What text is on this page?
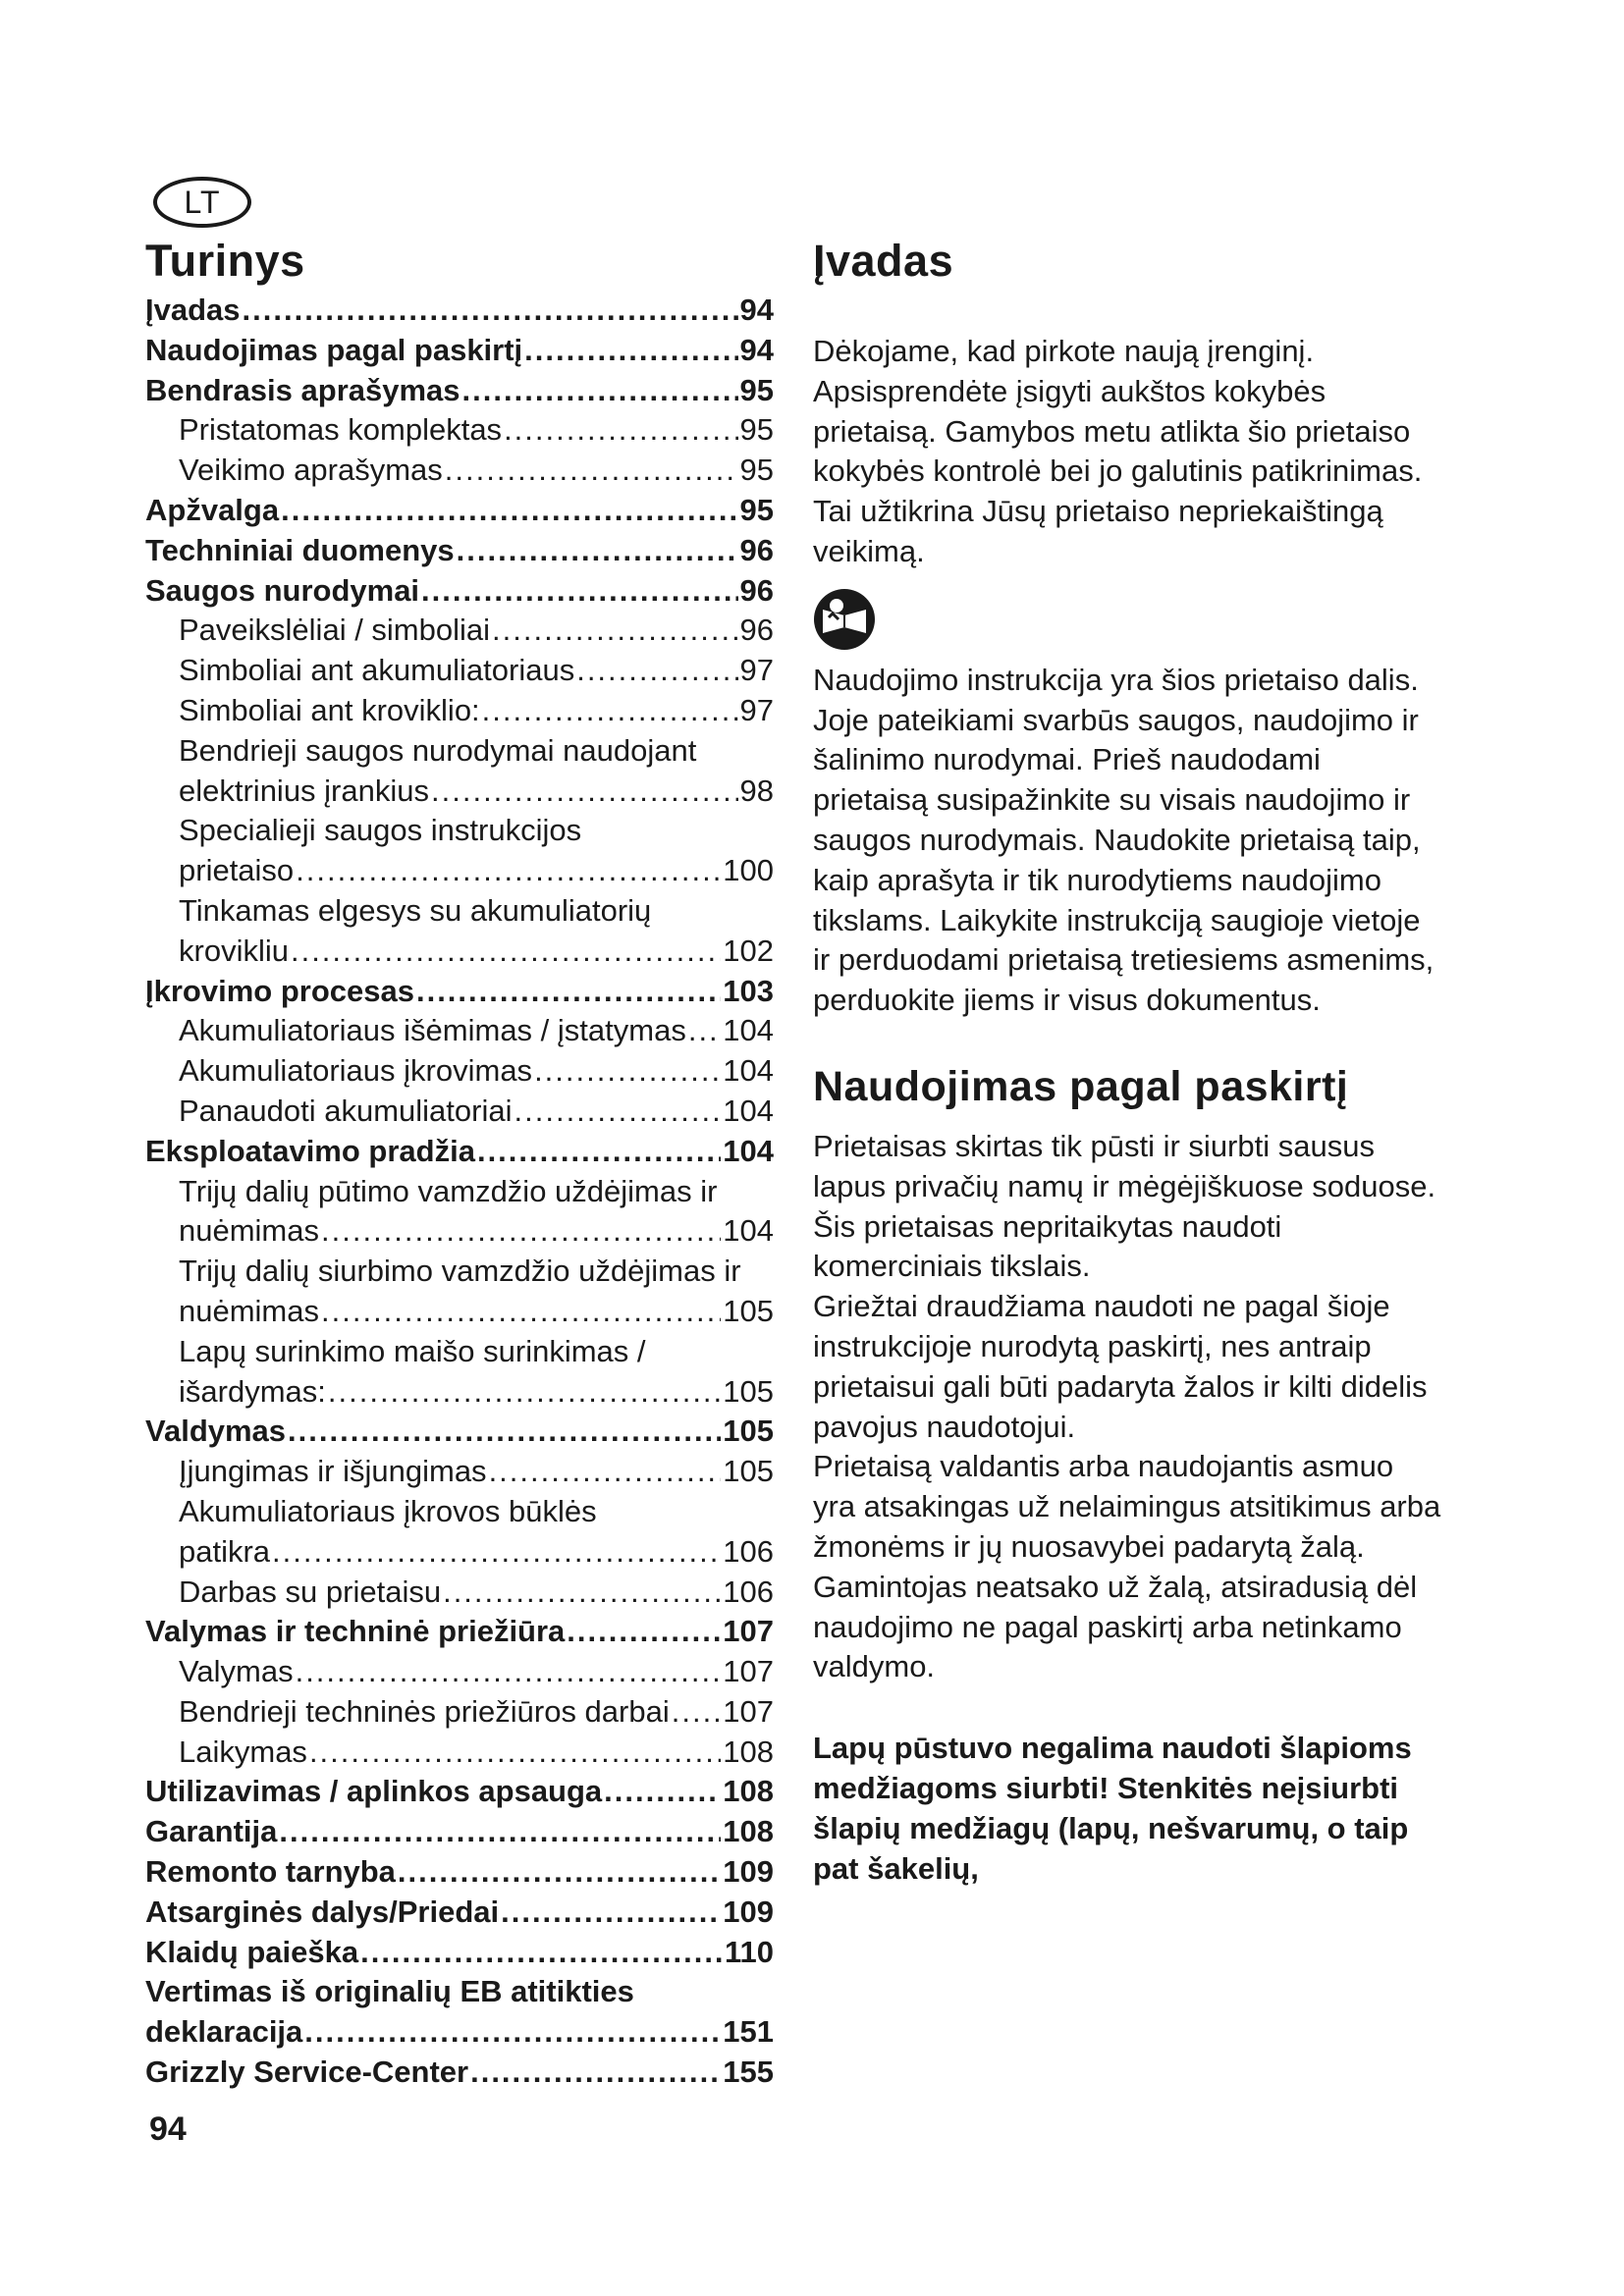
LT
Turinys
Įvadas .....	94
Naudojimas pagal paskirtį .....	94
Bendrasis aprašymas .....	95
Pristatomas komplektas .....	95
Veikimo aprašymas .....	95
Apžvalga .....	95
Techniniai duomenys .....	96
Saugos nurodymai .....	96
Paveikslėliai / simboliai .....	96
Simboliai ant akumuliatoriaus .....	97
Simboliai ant kroviklio: .....	97
Bendrieji saugos nurodymai naudojant
elektrinius įrankius .....	98
Specialieji saugos instrukcijos
prietaiso .....	100
Tinkamas elgesys su akumuliatorių
krovikliu .....	102
Įkrovimo procesas .....	103
Akumuliatoriaus išėmimas / įstatymas ..... 104
Akumuliatoriaus įkrovimas .....	104
Panaudoti akumuliatoriai .....	104
Eksploatavimo pradžia .....	104
Trijų dalių pūtimo vamzdžio uždėjimas ir
nuėmimas .....	104
Trijų dalių siurbimo vamzdžio uždėjimas ir
nuėmimas .....	105
Lapų surinkimo maišo surinkimas /
išardymas: .....	105
Valdymas .....	105
Įjungimas ir išjungimas .....	105
Akumuliatoriaus įkrovos būklės
patikra .....	106
Darbas su prietaisu .....	106
Valymas ir techninė priežiūra .....	107
Valymas .....	107
Bendrieji techninės priežiūros darbai ..... 107
Laikymas .....	108
Utilizavimas / aplinkos apsauga .....	108
Garantija .....	108
Remonto tarnyba .....	109
Atsarginės dalys/Priedai .....	109
Klaidų paieška .....	110
Vertimas iš originalių EB atitikties
deklaracija .....	151
Grizzly Service-Center .....	155
94
Įvadas

Dėkojame, kad pirkote naują įrenginį. Apsisprendėte įsigyti aukštos kokybės prietaisą. Gamybos metu atlikta šio prietaiso kokybės kontrolė bei jo galutinis patikrinimas. Tai užtikrina Jūsų prietaiso nepriekaištingą veikimą.

Naudojimo instrukcija yra šios prietaiso dalis. Joje pateikiami svarbūs saugos, naudojimo ir šalinimo nurodymai. Prieš naudodami prietaisą susipažinkite su visais naudojimo ir saugos nurodymais. Naudokite prietaisą taip, kaip aprašyta ir tik nurodytiems naudojimo tikslams. Laikykite instrukciją saugioje vietoje ir perduodami prietaisą tretiesiems asmenims, perduokite jiems ir visus dokumentus.

Naudojimas pagal paskirtį

Prietaisas skirtas tik pūsti ir siurbti sausus lapus privačių namų ir mėgėjiškuose soduose.

Šis prietaisas nepritaikytas naudoti komerciniais tikslais.

Griežtai draudžiama naudoti ne pagal šioje instrukcijoje nurodytą paskirtį, nes antraip prietaisui gali būti padaryta žalos ir kilti didelis pavojus naudotojui.

Prietaisą valdantis arba naudojantis asmuo yra atsakingas už nelaimingus atsitikimus arba žmonėms ir jų nuosavybei padarytą žalą.

Gamintojas neatsako už žalą, atsiradusią dėl naudojimo ne pagal paskirtį arba netinkamo valdymo.

Lapų pūstuvo negalima naudoti šlapioms medžiagoms siurbti! Stenkitės neįsiurbti šlapių medžiagų (lapų, nešvarumų, o taip pat šakelių,
